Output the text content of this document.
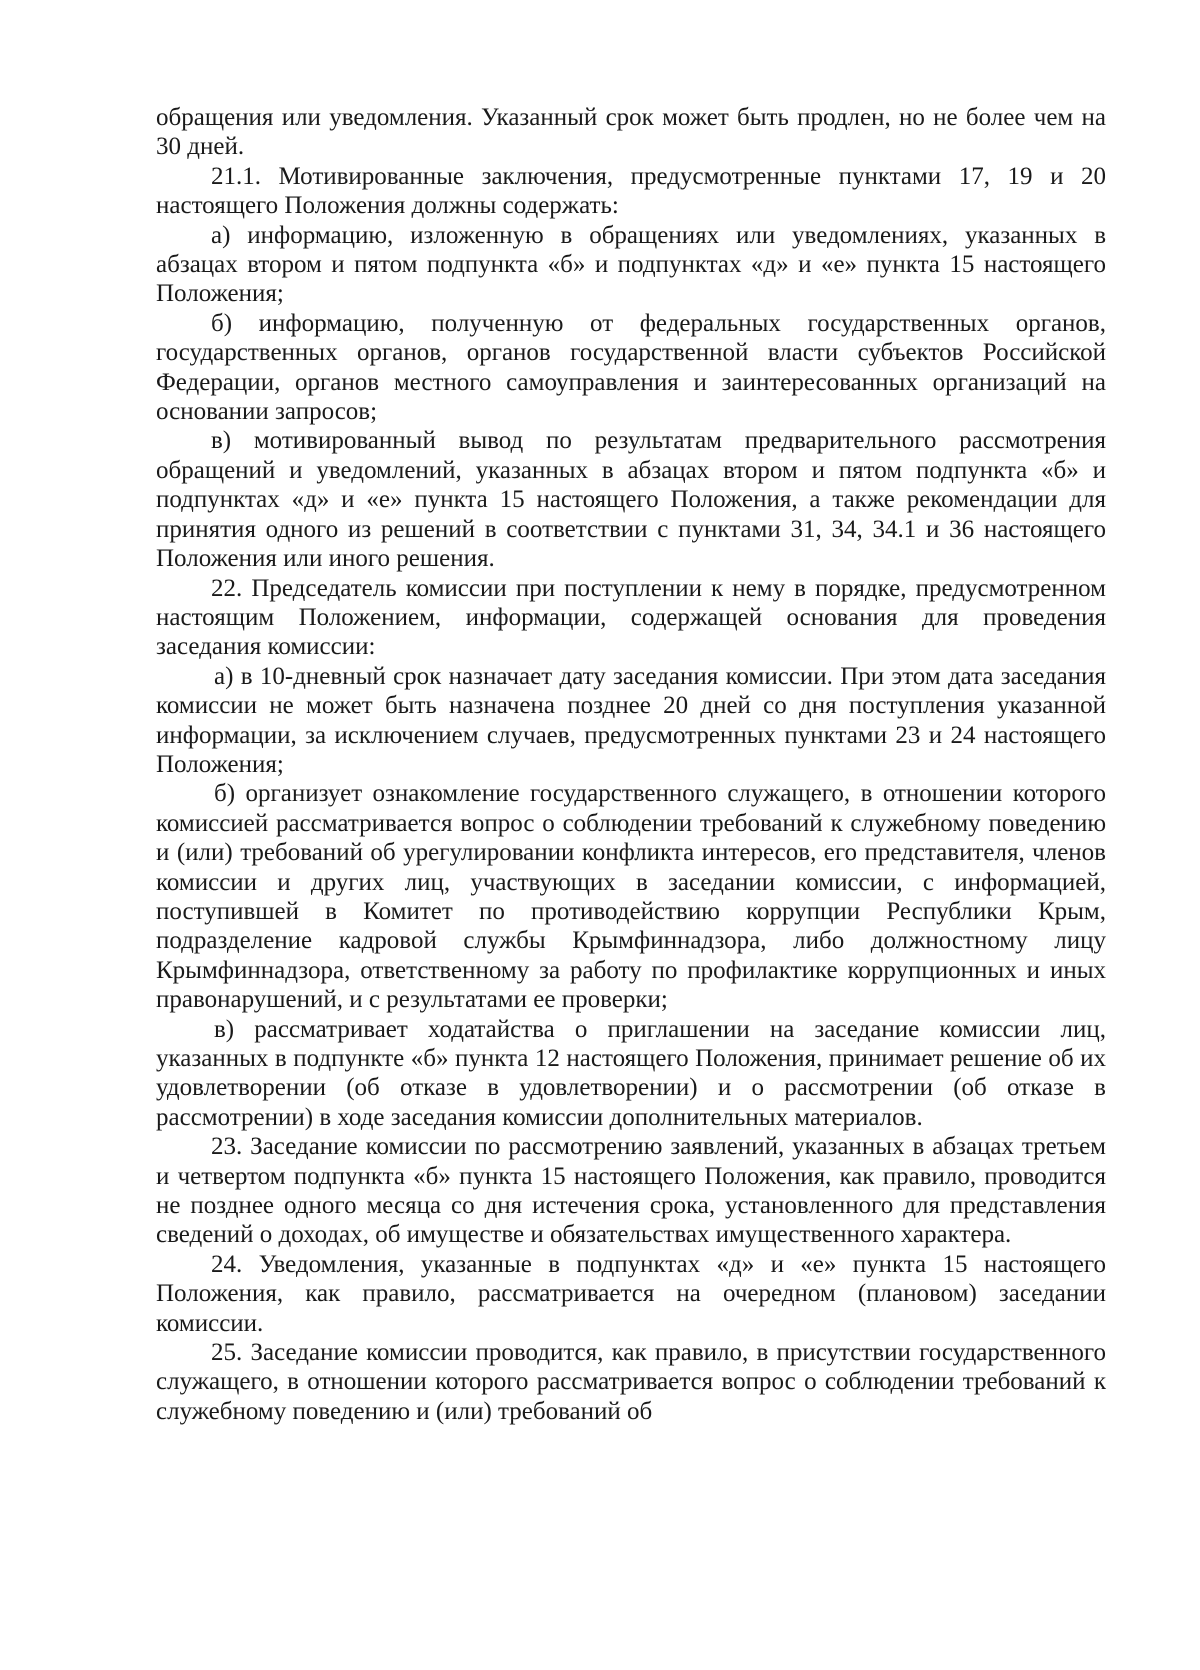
обращения или уведомления. Указанный срок может быть продлен, но не более чем на 30 дней.

21.1. Мотивированные заключения, предусмотренные пунктами 17, 19 и 20 настоящего Положения должны содержать:

а) информацию, изложенную в обращениях или уведомлениях, указанных в абзацах втором и пятом подпункта «б» и подпунктах «д» и «е» пункта 15 настоящего Положения;

б) информацию, полученную от федеральных государственных органов, государственных органов, органов государственной власти субъектов Российской Федерации, органов местного самоуправления и заинтересованных организаций на основании запросов;

в) мотивированный вывод по результатам предварительного рассмотрения обращений и уведомлений, указанных в абзацах втором и пятом подпункта «б» и подпунктах «д» и «е» пункта 15 настоящего Положения, а также рекомендации для принятия одного из решений в соответствии с пунктами 31, 34, 34.1 и 36 настоящего Положения или иного решения.

22. Председатель комиссии при поступлении к нему в порядке, предусмотренном настоящим Положением, информации, содержащей основания для проведения заседания комиссии:

а) в 10-дневный срок назначает дату заседания комиссии. При этом дата заседания комиссии не может быть назначена позднее 20 дней со дня поступления указанной информации, за исключением случаев, предусмотренных пунктами 23 и 24 настоящего Положения;

б) организует ознакомление государственного служащего, в отношении которого комиссией рассматривается вопрос о соблюдении требований к служебному поведению и (или) требований об урегулировании конфликта интересов, его представителя, членов комиссии и других лиц, участвующих в заседании комиссии, с информацией, поступившей в Комитет по противодействию коррупции Республики Крым, подразделение кадровой службы Крымфиннадзора, либо должностному лицу Крымфиннадзора, ответственному за работу по профилактике коррупционных и иных правонарушений, и с результатами ее проверки;

в) рассматривает ходатайства о приглашении на заседание комиссии лиц, указанных в подпункте «б» пункта 12 настоящего Положения, принимает решение об их удовлетворении (об отказе в удовлетворении) и о рассмотрении (об отказе в рассмотрении) в ходе заседания комиссии дополнительных материалов.

23. Заседание комиссии по рассмотрению заявлений, указанных в абзацах третьем и четвертом подпункта «б» пункта 15 настоящего Положения, как правило, проводится не позднее одного месяца со дня истечения срока, установленного для представления сведений о доходах, об имуществе и обязательствах имущественного характера.

24. Уведомления, указанные в подпунктах «д» и «е» пункта 15 настоящего Положения, как правило, рассматривается на очередном (плановом) заседании комиссии.

25. Заседание комиссии проводится, как правило, в присутствии государственного служащего, в отношении которого рассматривается вопрос о соблюдении требований к служебному поведению и (или) требований об
